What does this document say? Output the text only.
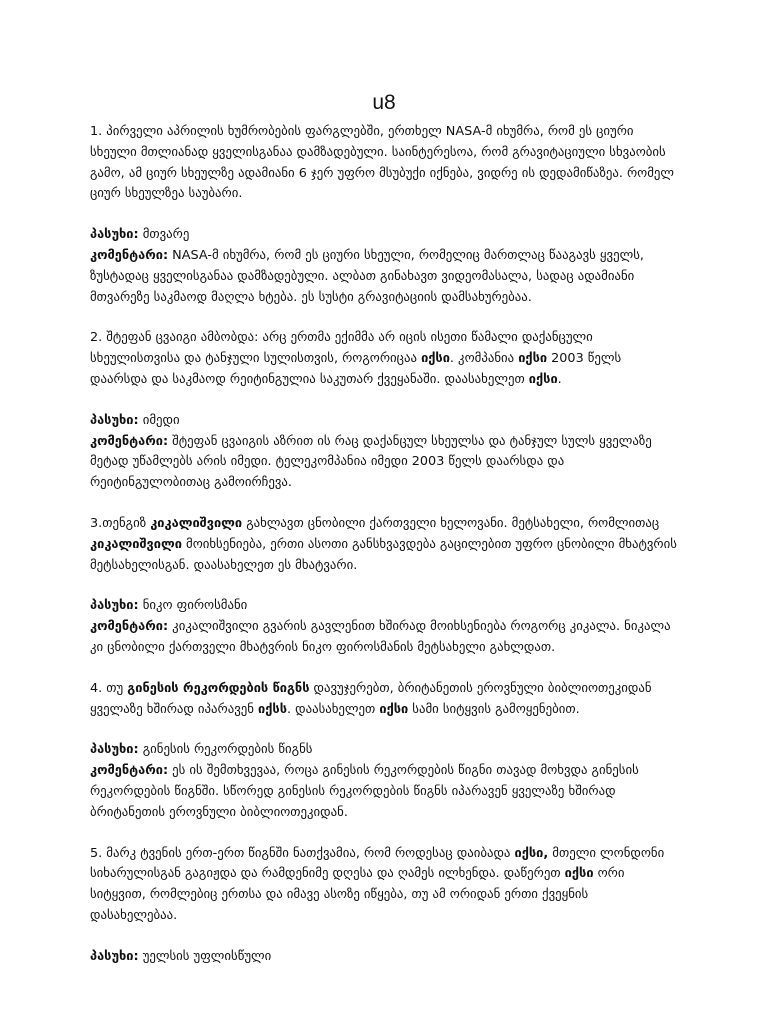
u8

1. პირველი აპრილის ხუმრობების ფარგლებში, ერთხელ NASA-მ იხუმრა, რომ ეს ციური სხეული მთლიანად ყველისგანაა დამზადებული. საინტერესოა, რომ გრავიტაციული სხვაობის გამო, ამ ციურ სხეულზე ადამიანი 6 ჯერ უფრო მსუბუქი იქნება, ვიდრე ის დედამიწაზეა. რომელ ციურ სხეულზეა საუბარი.

პასუხი: მთვარე

კომენტარი: NASA-მ იხუმრა, რომ ეს ციური სხეული, რომელიც მართლაც წააგავს ყველს, ზუსტადაც ყველისგანაა დამზადებული. ალბათ გინახავთ ვიდეომასალა, სადაც ადამიანი მთვარეზე საკმაოდ მაღლა ხტება. ეს სუსტი გრავიტაციის დამსახურებაა.

2. შტეფან ცვაიგი ამბობდა: არც ერთმა ექიმმა არ იცის ისეთი წამალი დაქანცული სხეულისთვისა და ტანჯული სულისთვის, როგორიცაა იქსი. კომპანია იქსი 2003 წელს დაარსდა და საკმაოდ რეიტინგულია საკუთარ ქვეყანაში. დაასახელეთ იქსი.

პასუხი: იმედი

კომენტარი: შტეფან ცვაიგის აზრით ის რაც დაქანცულ სხეულსა და ტანჯულ სულს ყველაზე მეტად უწამლებს არის იმედი. ტელეკომპანია იმედი 2003 წელს დაარსდა და რეიტინგულობითაც გამოირჩევა.

3.თენგიზ კიკალიშვილი გახლავთ ცნობილი ქართველი ხელოვანი. მეტსახელი, რომლითაც კიკალიშვილი მოიხსენიება, ერთი ასოთი განსხვავდება გაცილებით უფრო ცნობილი მხატვრის მეტსახელისგან. დაასახელეთ ეს მხატვარი.

პასუხი: ნიკო ფიროსმანი

კომენტარი: კიკალიშვილი გვარის გავლენით ხშირად მოიხსენიება როგორც კიკალა. ნიკალა კი ცნობილი ქართველი მხატვრის ნიკო ფიროსმანის მეტსახელი გახლდათ.

4. თუ გინესის რეკორდების წიგნს დავუჯერებთ, ბრიტანეთის ეროვნული ბიბლიოთეკიდან ყველაზე ხშირად იპარავენ იქსს. დაასახელეთ იქსი სამი სიტყვის გამოყენებით.

პასუხი: გინესის რეკორდების წიგნს

კომენტარი: ეს ის შემთხვევაა, როცა გინესის რეკორდების წიგნი თავად მოხვდა გინესის რეკორდების წიგნში. სწორედ გინესის რეკორდების წიგნს იპარავენ ყველაზე ხშირად ბრიტანეთის ეროვნული ბიბლიოთეკიდან.

5. მარკ ტვენის ერთ-ერთ წიგნში ნათქვამია, რომ როდესაც დაიბადა იქსი, მთელი ლონდონი სიხარულისგან გაგიჟდა და რამდენიმე დღესა და ღამეს ილხენდა. დაწერეთ იქსი ორი სიტყვით, რომლებიც ერთსა და იმავე ასოზე იწყება, თუ ამ ორიდან ერთი ქვეყნის დასახელებაა.

პასუხი: უელსის უფლისწული
